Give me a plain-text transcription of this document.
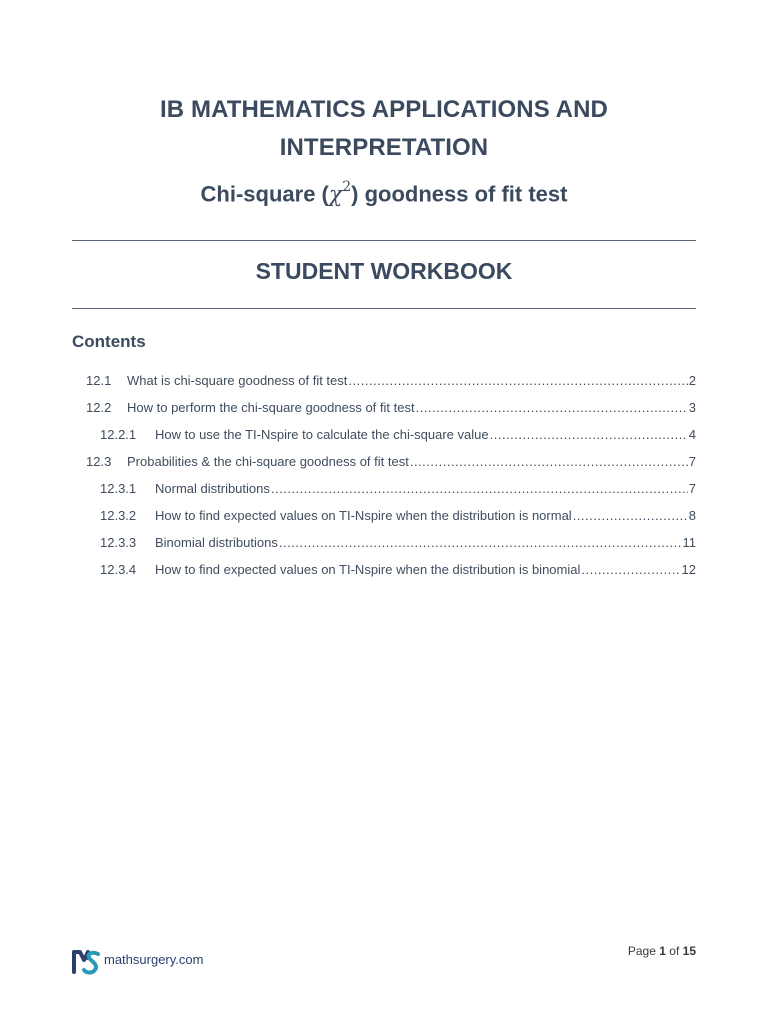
IB MATHEMATICS APPLICATIONS AND
INTERPRETATION
Chi-square $(\chi^2)$ goodness of fit test
STUDENT WORKBOOK
Contents
12.1	What is chi-square goodness of fit test .....	2
12.2	How to perform the chi-square goodness of fit test .....	3
12.2.1	How to use the TI-Nspire to calculate the chi-square value .....	4
12.3	Probabilities & the chi-square goodness of fit test .....	7
12.3.1	Normal distributions .....	7
12.3.2	How to find expected values on TI-Nspire when the distribution is normal .....	8
12.3.3	Binomial distributions .....	11
12.3.4	How to find expected values on TI-Nspire when the distribution is binomial .....	12
mathsurgery.com
Page 1 of 15
